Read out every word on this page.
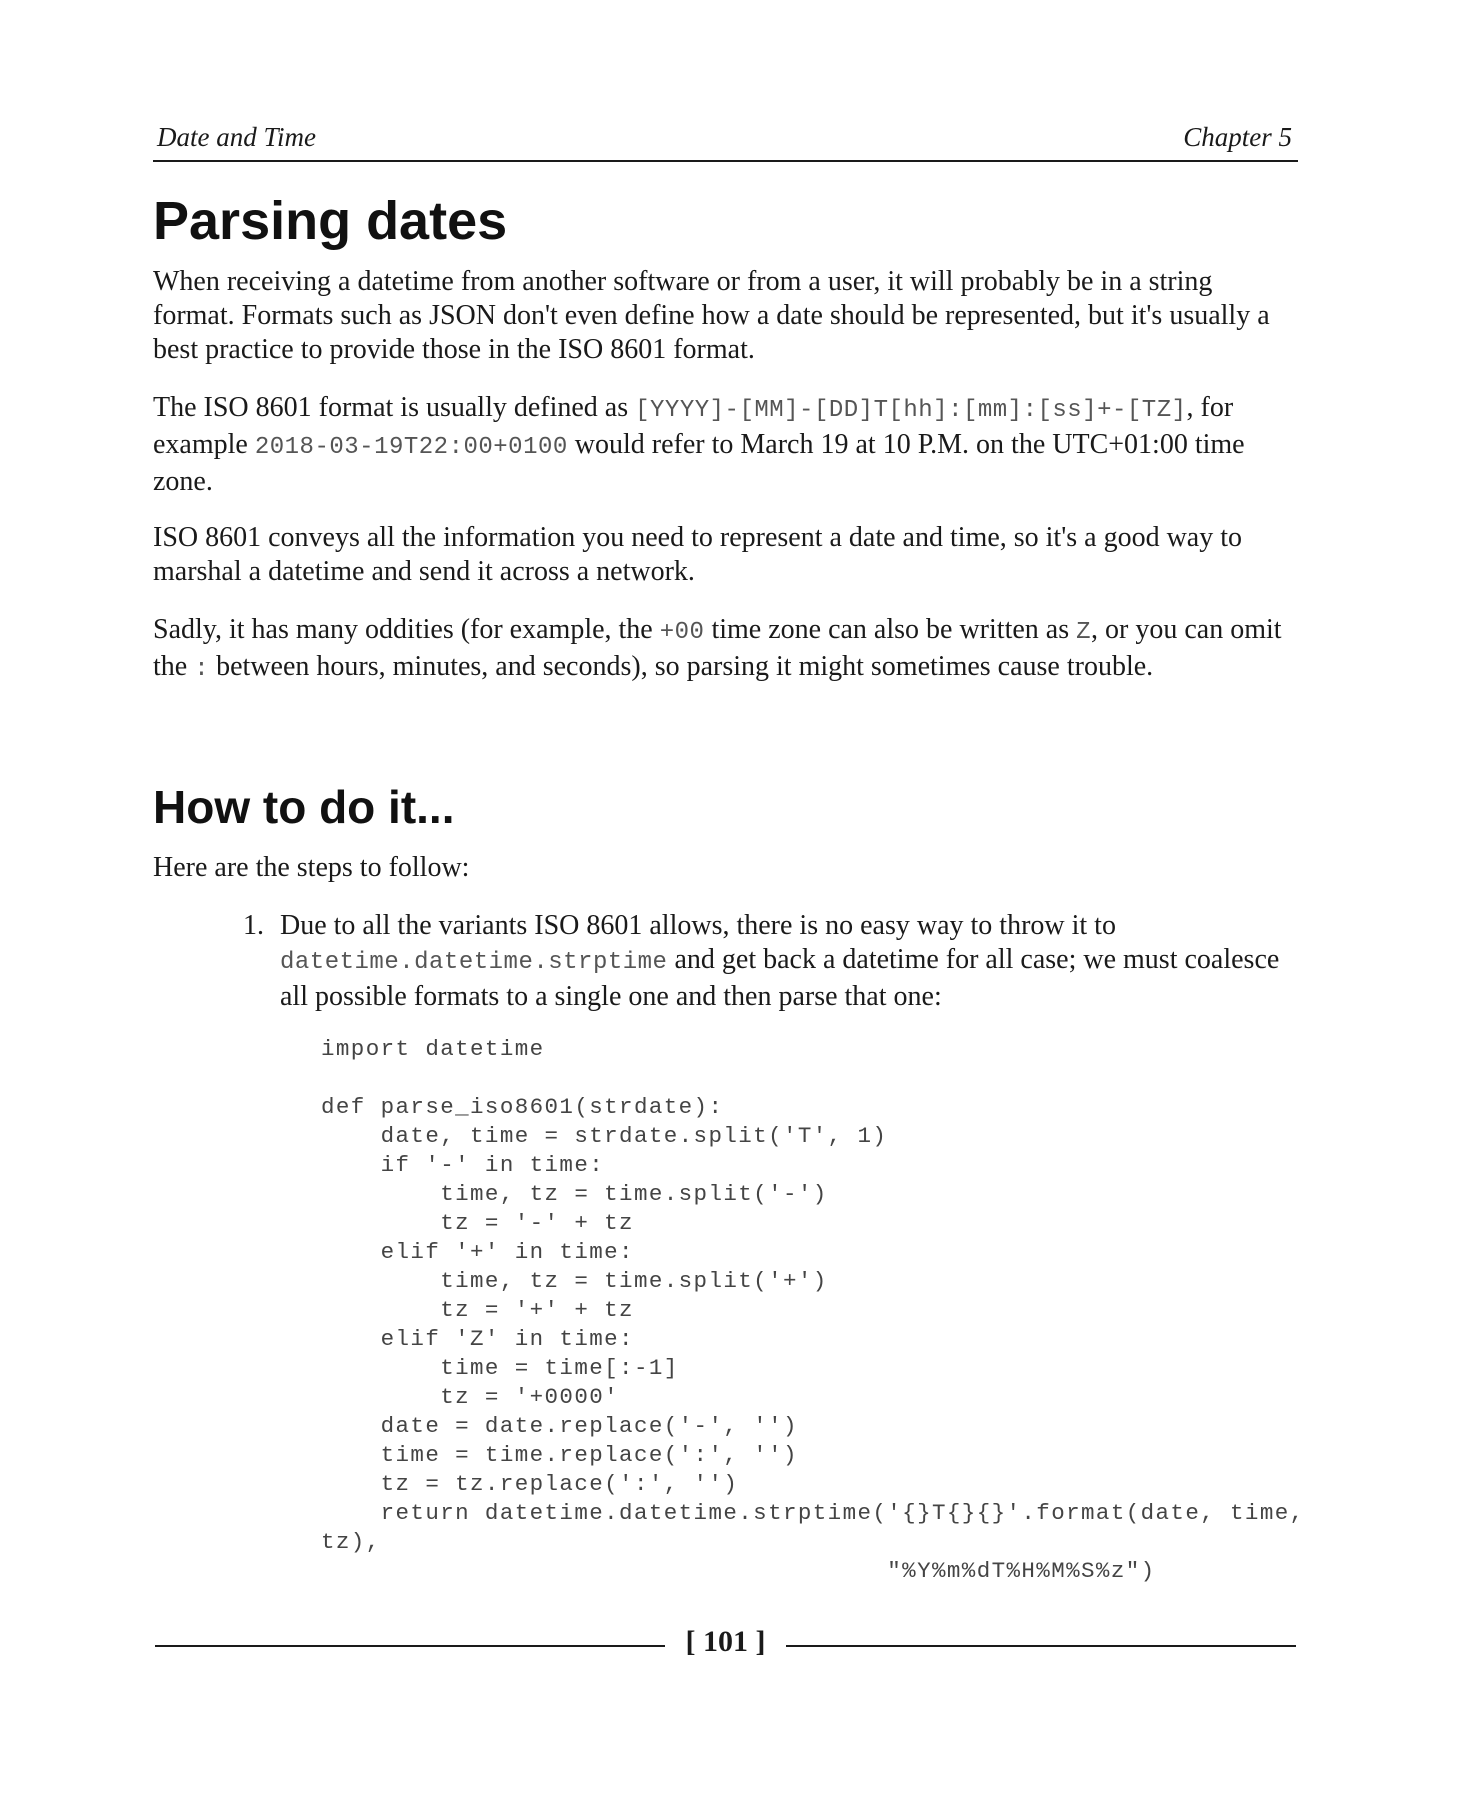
Date and Time	Chapter 5
Parsing dates

When receiving a datetime from another software or from a user, it will probably be in a string format. Formats such as JSON don't even define how a date should be represented, but it's usually a best practice to provide those in the ISO 8601 format.

The ISO 8601 format is usually defined as [YYYY]-[MM]-[DD]T[hh]:[mm]:[ss]+-[TZ], for example 2018-03-19T22:00+0100 would refer to March 19 at 10 P.M. on the UTC+01:00 time zone.

ISO 8601 conveys all the information you need to represent a date and time, so it's a good way to marshal a datetime and send it across a network.

Sadly, it has many oddities (for example, the +00 time zone can also be written as Z, or you can omit the : between hours, minutes, and seconds), so parsing it might sometimes cause trouble.

How to do it...

Here are the steps to follow:

1. Due to all the variants ISO 8601 allows, there is no easy way to throw it to datetime.datetime.strptime and get back a datetime for all case; we must coalesce all possible formats to a single one and then parse that one:
import datetime

def parse_iso8601(strdate):
date, time = strdate.split('T', 1)
if '-' in time:
time, tz = time.split('-')
tz = '-' + tz
elif '+' in time:
time, tz = time.split('+')
tz = '+' + tz
elif 'Z' in time:
time = time[:-1]
tz = '+0000'
date = date.replace('-', '')
time = time.replace(':', '')
tz = tz.replace(':', '')
return datetime.datetime.strptime('{}T{}{}'.format(date, time,
tz),
"%Y%m%dT%H%M%S%z")
[ 101 ]
